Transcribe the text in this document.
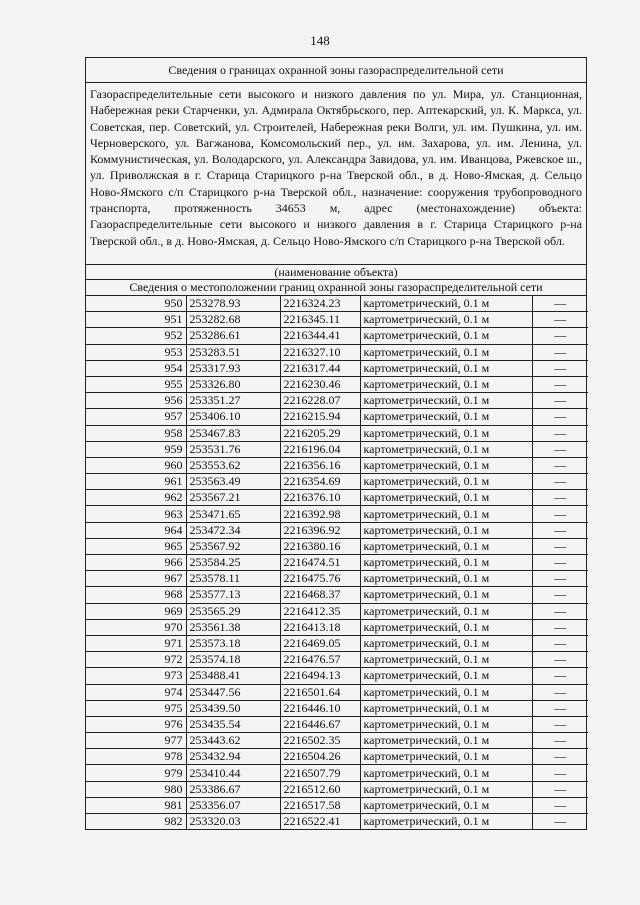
148
Сведения о границах охранной зоны газораспределительной сети
Газораспределительные сети высокого и низкого давления по ул. Мира, ул. Станционная, Набережная реки Старченки, ул. Адмирала Октябрьского, пер. Аптекарский, ул. К. Маркса, ул. Советская, пер. Советский, ул. Строителей, Набережная реки Волги, ул. им. Пушкина, ул. им. Черноверского, ул. Вагжанова, Комсомольский пер., ул. им. Захарова, ул. им. Ленина, ул. Коммунистическая, ул. Володарского, ул. Александра Завидова, ул. им. Иванцова, Ржевское ш., ул. Приволжская в г. Старица Старицкого р-на Тверской обл., в д. Ново-Ямская, д. Сельцо Ново-Ямского с/п Старицкого р-на Тверской обл., назначение: сооружения трубопроводного транспорта, протяженность 34653 м, адрес (местонахождение) объекта: Газораспределительные сети высокого и низкого давления в г. Старица Старицкого р-на Тверской обл., в д. Ново-Ямская, д. Сельцо Ново-Ямского с/п Старицкого р-на Тверской обл.
(наименование объекта)
Сведения о местоположении границ охранной зоны газораспределительной сети
950	253278.93	2216324.23	картометрический, 0.1 м	—
951	253282.68	2216345.11	картометрический, 0.1 м	—
952	253286.61	2216344.41	картометрический, 0.1 м	—
953	253283.51	2216327.10	картометрический, 0.1 м	—
954	253317.93	2216317.44	картометрический, 0.1 м	—
955	253326.80	2216230.46	картометрический, 0.1 м	—
956	253351.27	2216228.07	картометрический, 0.1 м	—
957	253406.10	2216215.94	картометрический, 0.1 м	—
958	253467.83	2216205.29	картометрический, 0.1 м	—
959	253531.76	2216196.04	картометрический, 0.1 м	—
960	253553.62	2216356.16	картометрический, 0.1 м	—
961	253563.49	2216354.69	картометрический, 0.1 м	—
962	253567.21	2216376.10	картометрический, 0.1 м	—
963	253471.65	2216392.98	картометрический, 0.1 м	—
964	253472.34	2216396.92	картометрический, 0.1 м	—
965	253567.92	2216380.16	картометрический, 0.1 м	—
966	253584.25	2216474.51	картометрический, 0.1 м	—
967	253578.11	2216475.76	картометрический, 0.1 м	—
968	253577.13	2216468.37	картометрический, 0.1 м	—
969	253565.29	2216412.35	картометрический, 0.1 м	—
970	253561.38	2216413.18	картометрический, 0.1 м	—
971	253573.18	2216469.05	картометрический, 0.1 м	—
972	253574.18	2216476.57	картометрический, 0.1 м	—
973	253488.41	2216494.13	картометрический, 0.1 м	—
974	253447.56	2216501.64	картометрический, 0.1 м	—
975	253439.50	2216446.10	картометрический, 0.1 м	—
976	253435.54	2216446.67	картометрический, 0.1 м	—
977	253443.62	2216502.35	картометрический, 0.1 м	—
978	253432.94	2216504.26	картометрический, 0.1 м	—
979	253410.44	2216507.79	картометрический, 0.1 м	—
980	253386.67	2216512.60	картометрический, 0.1 м	—
981	253356.07	2216517.58	картометрический, 0.1 м	—
982	253320.03	2216522.41	картометрический, 0.1 м	—
